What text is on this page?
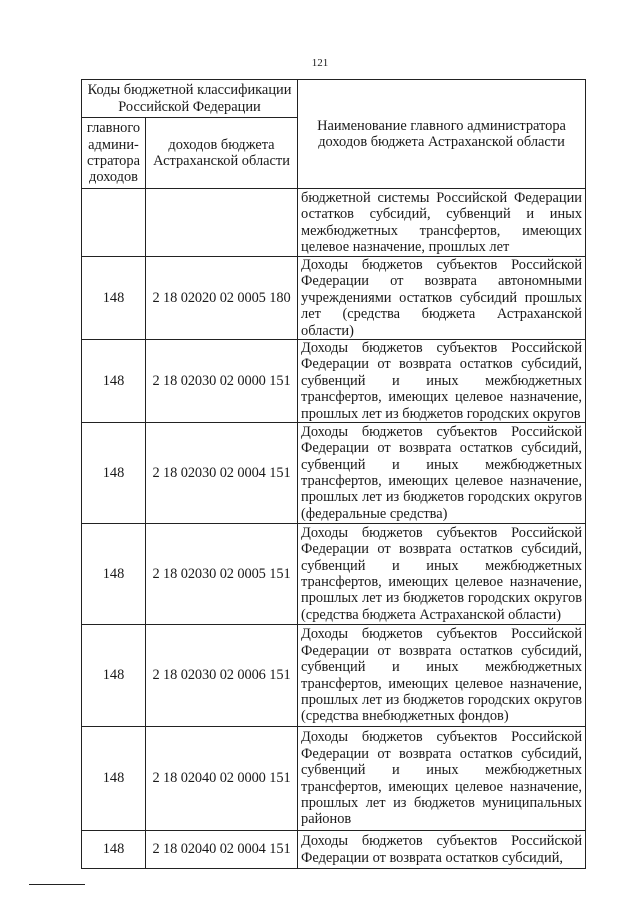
121
Коды бюджетной классификации Российской Федерации		Наименование главного администратора доходов бюджета Астраханской области
главного админи-стратора доходов	доходов бюджета Астраханской области	
		бюджетной системы Российской Федерации остатков субсидий, субвенций и иных межбюджетных трансфертов, имеющих целевое назначение, прошлых лет
148	2 18 02020 02 0005 180	Доходы бюджетов субъектов Российской Федерации от возврата автономными учреждениями остатков субсидий прошлых лет (средства бюджета Астраханской области)
148	2 18 02030 02 0000 151	Доходы бюджетов субъектов Российской Федерации от возврата остатков субсидий, субвенций и иных межбюджетных трансфертов, имеющих целевое назначение, прошлых лет из бюджетов городских округов
148	2 18 02030 02 0004 151	Доходы бюджетов субъектов Российской Федерации от возврата остатков субсидий, субвенций и иных межбюджетных трансфертов, имеющих целевое назначение, прошлых лет из бюджетов городских округов (федеральные средства)
148	2 18 02030 02 0005 151	Доходы бюджетов субъектов Российской Федерации от возврата остатков субсидий, субвенций и иных межбюджетных трансфертов, имеющих целевое назначение, прошлых лет из бюджетов городских округов (средства бюджета Астраханской области)
148	2 18 02030 02 0006 151	Доходы бюджетов субъектов Российской Федерации от возврата остатков субсидий, субвенций и иных межбюджетных трансфертов, имеющих целевое назначение, прошлых лет из бюджетов городских округов (средства внебюджетных фондов)
148	2 18 02040 02 0000 151	Доходы бюджетов субъектов Российской Федерации от возврата остатков субсидий, субвенций и иных межбюджетных трансфертов, имеющих целевое назначение, прошлых лет из бюджетов муниципальных районов
148	2 18 02040 02 0004 151	Доходы бюджетов субъектов Российской Федерации от возврата остатков субсидий,
